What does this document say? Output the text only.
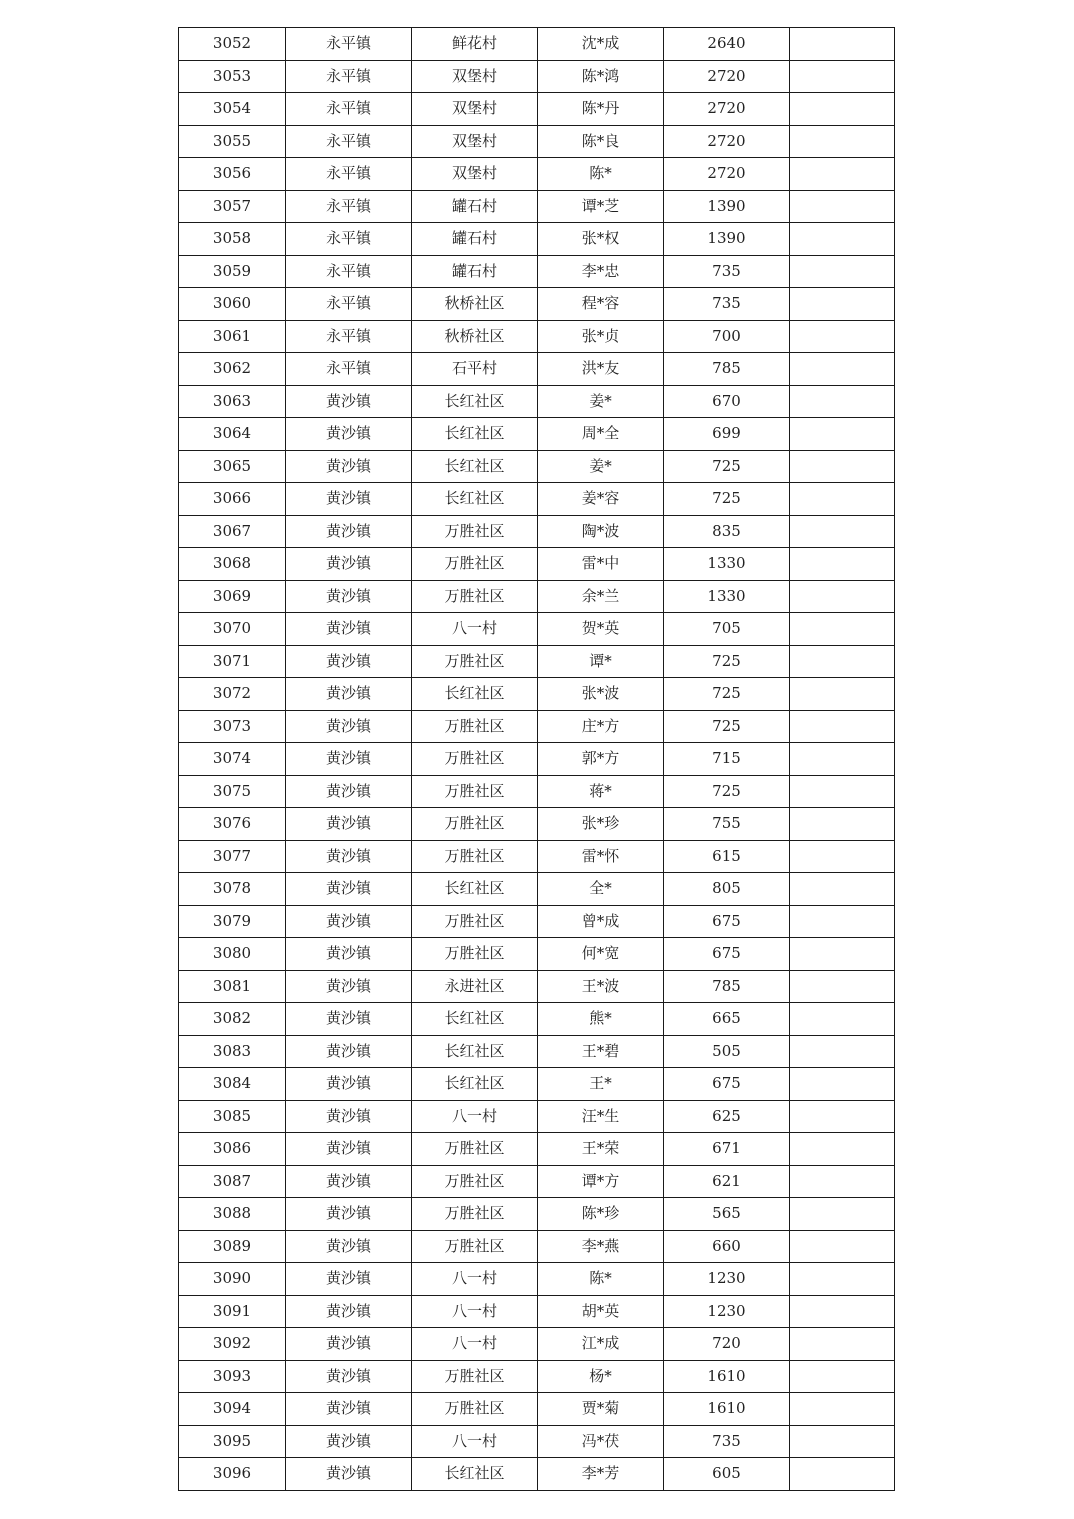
3052	永平镇	鲜花村	沈*成	2640	
3053	永平镇	双堡村	陈*鸿	2720	
3054	永平镇	双堡村	陈*丹	2720	
3055	永平镇	双堡村	陈*良	2720	
3056	永平镇	双堡村	陈*	2720	
3057	永平镇	罐石村	谭*芝	1390	
3058	永平镇	罐石村	张*权	1390	
3059	永平镇	罐石村	李*忠	735	
3060	永平镇	秋桥社区	程*容	735	
3061	永平镇	秋桥社区	张*贞	700	
3062	永平镇	石平村	洪*友	785	
3063	黄沙镇	长红社区	姜*	670	
3064	黄沙镇	长红社区	周*全	699	
3065	黄沙镇	长红社区	姜*	725	
3066	黄沙镇	长红社区	姜*容	725	
3067	黄沙镇	万胜社区	陶*波	835	
3068	黄沙镇	万胜社区	雷*中	1330	
3069	黄沙镇	万胜社区	余*兰	1330	
3070	黄沙镇	八一村	贺*英	705	
3071	黄沙镇	万胜社区	谭*	725	
3072	黄沙镇	长红社区	张*波	725	
3073	黄沙镇	万胜社区	庄*方	725	
3074	黄沙镇	万胜社区	郭*方	715	
3075	黄沙镇	万胜社区	蒋*	725	
3076	黄沙镇	万胜社区	张*珍	755	
3077	黄沙镇	万胜社区	雷*怀	615	
3078	黄沙镇	长红社区	全*	805	
3079	黄沙镇	万胜社区	曾*成	675	
3080	黄沙镇	万胜社区	何*宽	675	
3081	黄沙镇	永进社区	王*波	785	
3082	黄沙镇	长红社区	熊*	665	
3083	黄沙镇	长红社区	王*碧	505	
3084	黄沙镇	长红社区	王*	675	
3085	黄沙镇	八一村	汪*生	625	
3086	黄沙镇	万胜社区	王*荣	671	
3087	黄沙镇	万胜社区	谭*方	621	
3088	黄沙镇	万胜社区	陈*珍	565	
3089	黄沙镇	万胜社区	李*燕	660	
3090	黄沙镇	八一村	陈*	1230	
3091	黄沙镇	八一村	胡*英	1230	
3092	黄沙镇	八一村	江*成	720	
3093	黄沙镇	万胜社区	杨*	1610	
3094	黄沙镇	万胜社区	贾*菊	1610	
3095	黄沙镇	八一村	冯*茯	735	
3096	黄沙镇	长红社区	李*芳	605	
